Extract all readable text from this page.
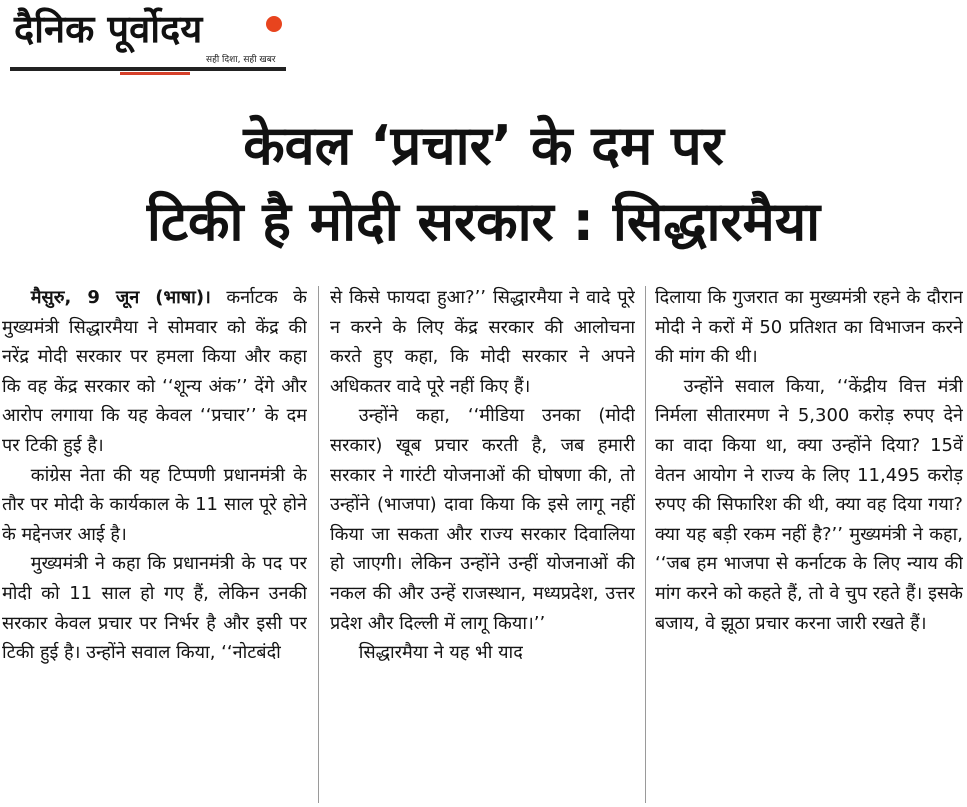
दैनिक पूर्वोदय
सही दिशा, सही खबर
केवल ‘प्रचार’ के दम पर
टिकी है मोदी सरकार : सिद्धारमैया

मैसुरु, 9 जून (भाषा)। कर्नाटक के मुख्यमंत्री सिद्धारमैया ने सोमवार को केंद्र की नरेंद्र मोदी सरकार पर हमला किया और कहा कि वह केंद्र सरकार को ‘‘शून्य अंक’’ देंगे और आरोप लगाया कि यह केवल ‘‘प्रचार’’ के दम पर टिकी हुई है।

कांग्रेस नेता की यह टिप्पणी प्रधानमंत्री के तौर पर मोदी के कार्यकाल के 11 साल पूरे होने के मद्देनजर आई है।

मुख्यमंत्री ने कहा कि प्रधानमंत्री के पद पर मोदी को 11 साल हो गए हैं, लेकिन उनकी सरकार केवल प्रचार पर निर्भर है और इसी पर टिकी हुई है। उन्होंने सवाल किया, ‘‘नोटबंदी

से किसे फायदा हुआ?’’ सिद्धारमैया ने वादे पूरे न करने के लिए केंद्र सरकार की आलोचना करते हुए कहा, कि मोदी सरकार ने अपने अधिकतर वादे पूरे नहीं किए हैं।

उन्होंने कहा, ‘‘मीडिया उनका (मोदी सरकार) खूब प्रचार करती है, जब हमारी सरकार ने गारंटी योजनाओं की घोषणा की, तो उन्होंने (भाजपा) दावा किया कि इसे लागू नहीं किया जा सकता और राज्य सरकार दिवालिया हो जाएगी। लेकिन उन्होंने उन्हीं योजनाओं की नकल की और उन्हें राजस्थान, मध्यप्रदेश, उत्तर प्रदेश और दिल्ली में लागू किया।’’

सिद्धारमैया ने यह भी याद

दिलाया कि गुजरात का मुख्यमंत्री रहने के दौरान मोदी ने करों में 50 प्रतिशत का विभाजन करने की मांग की थी।

उन्होंने सवाल किया, ‘‘केंद्रीय वित्त मंत्री निर्मला सीतारमण ने 5,300 करोड़ रुपए देने का वादा किया था, क्या उन्होंने दिया? 15वें वेतन आयोग ने राज्य के लिए 11,495 करोड़ रुपए की सिफारिश की थी, क्या वह दिया गया? क्या यह बड़ी रकम नहीं है?’’ मुख्यमंत्री ने कहा, ‘‘जब हम भाजपा से कर्नाटक के लिए न्याय की मांग करने को कहते हैं, तो वे चुप रहते हैं। इसके बजाय, वे झूठा प्रचार करना जारी रखते हैं।
